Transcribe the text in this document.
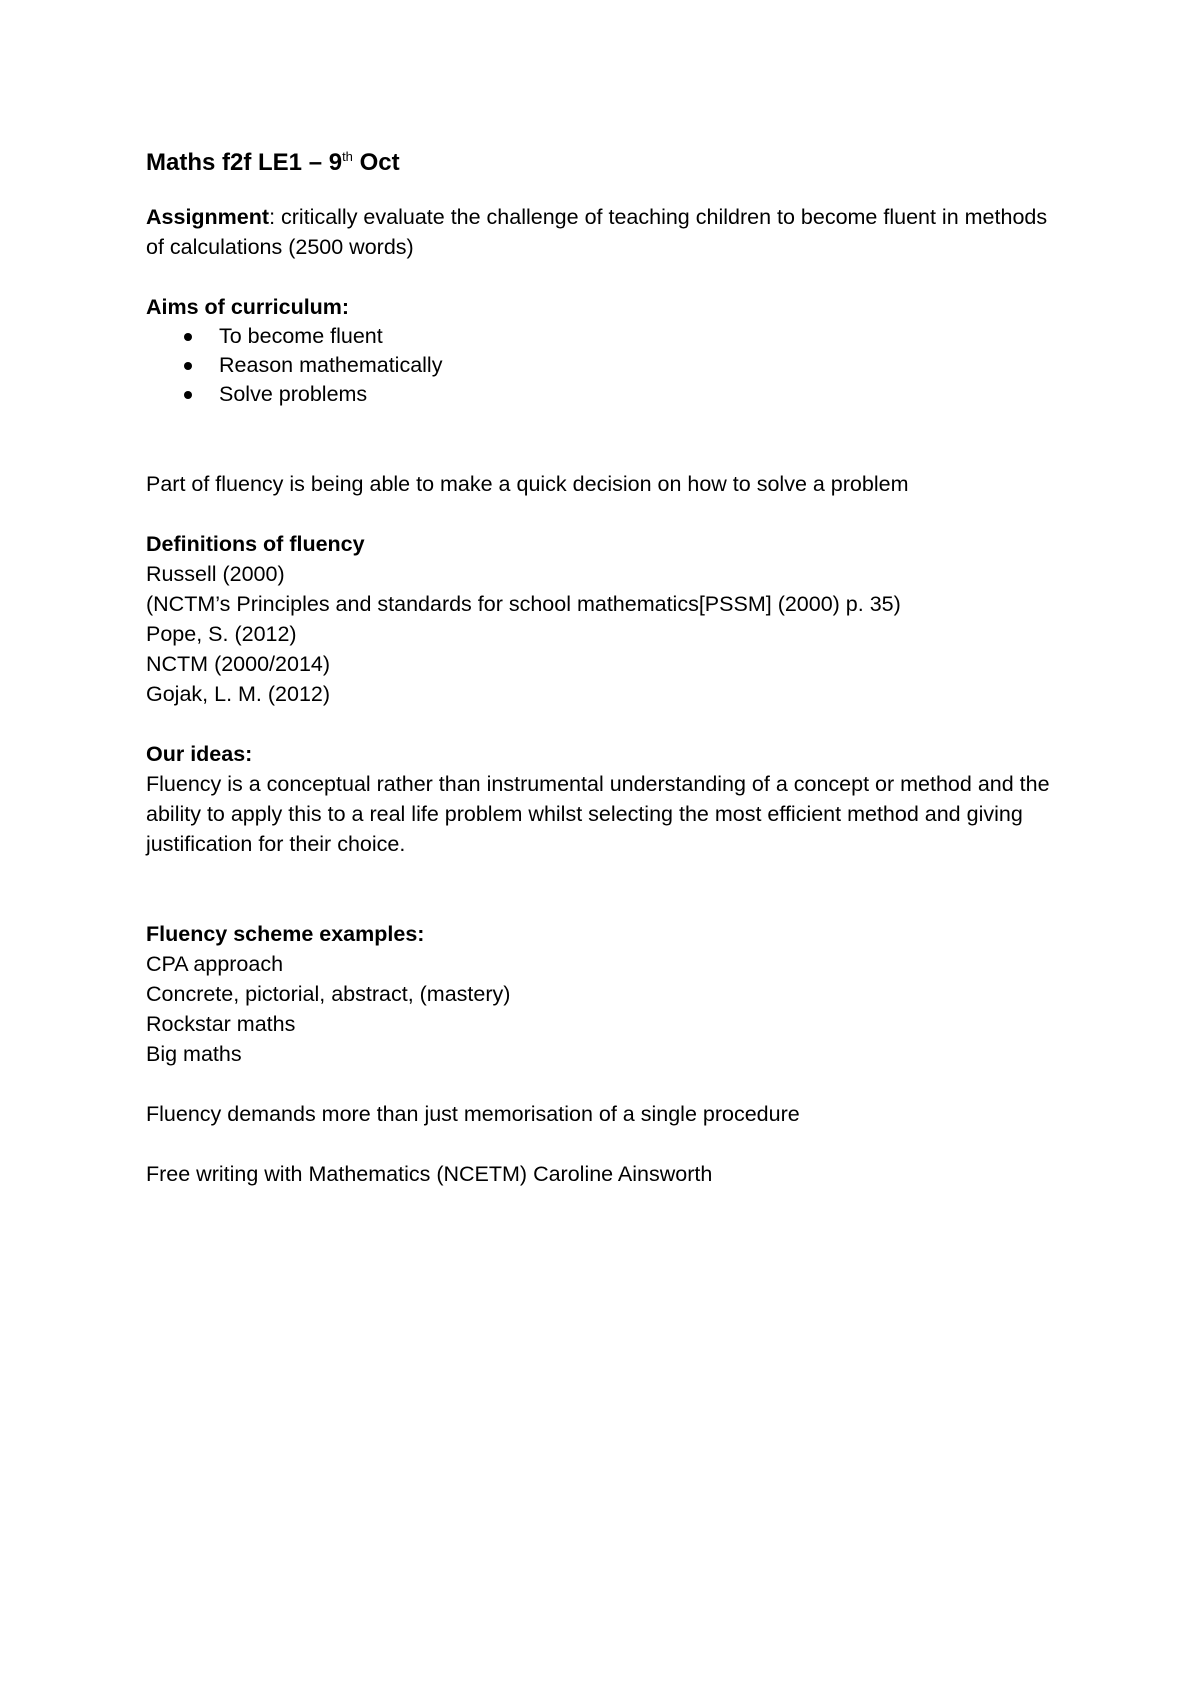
Maths f2f LE1 – 9th Oct

Assignment: critically evaluate the challenge of teaching children to become fluent in methods of calculations (2500 words)

Aims of curriculum:

To become fluent
Reason mathematically
Solve problems

Part of fluency is being able to make a quick decision on how to solve a problem

Definitions of fluency

Russell (2000)
(NCTM’s Principles and standards for school mathematics[PSSM] (2000) p. 35)
Pope, S. (2012)
NCTM (2000/2014)
Gojak, L. M. (2012)

Our ideas:

Fluency is a conceptual rather than instrumental understanding of a concept or method and the ability to apply this to a real life problem whilst selecting the most efficient method and giving justification for their choice.

Fluency scheme examples:

CPA approach
Concrete, pictorial, abstract, (mastery)
Rockstar maths
Big maths

Fluency demands more than just memorisation of a single procedure

Free writing with Mathematics (NCETM) Caroline Ainsworth
